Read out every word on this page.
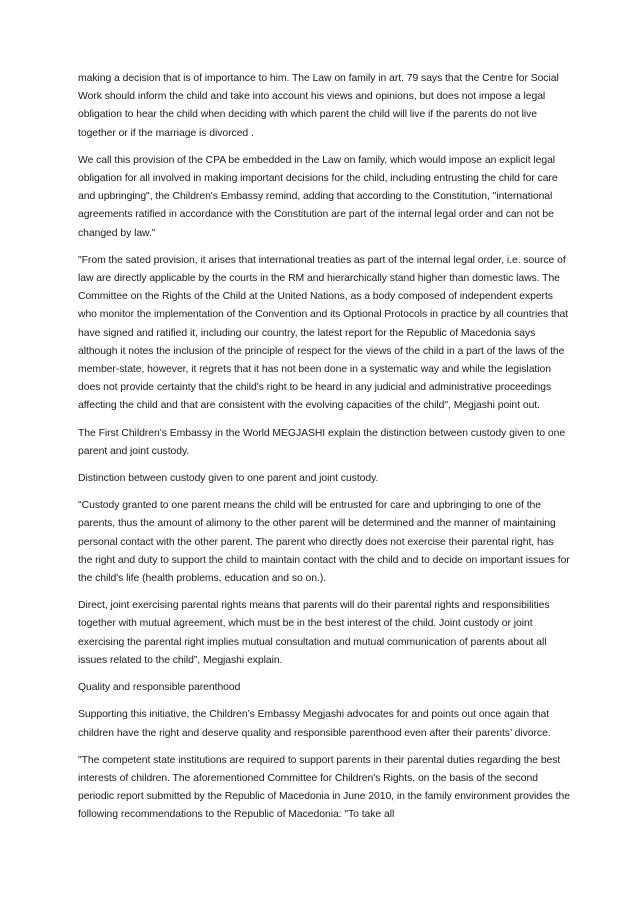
making a decision that is of importance to him. The Law on family in art. 79 says that the Centre for Social Work should inform the child and take into account his views and opinions, but does not impose a legal obligation to hear the child when deciding with which parent the child will live if the parents do not live together or if the marriage is divorced .

We call this provision of the CPA be embedded in the Law on family, which would impose an explicit legal obligation for all involved in making important decisions for the child, including entrusting the child for care and upbringing", the Children's Embassy remind, adding that according to the Constitution, "international agreements ratified in accordance with the Constitution are part of the internal legal order and can not be changed by law.”

"From the sated provision, it arises that international treaties as part of the internal legal order, i.e. source of law are directly applicable by the courts in the RM and hierarchically stand higher than domestic laws. The Committee on the Rights of the Child at the United Nations, as a body composed of independent experts who monitor the implementation of the Convention and its Optional Protocols in practice by all countries that have signed and ratified it, including our country, the latest report for the Republic of Macedonia says although it notes the inclusion of the principle of respect for the views of the child in a part of the laws of the member-state, however, it regrets that it has not been done in a systematic way and while the legislation does not provide certainty that the child's right to be heard in any judicial and administrative proceedings affecting the child and that are consistent with the evolving capacities of the child", Megjashi point out.

The First Children’s Embassy in the World MEGJASHI explain the distinction between custody given to one parent and joint custody.

Distinction between custody given to one parent and joint custody.

"Custody granted to one parent means the child will be entrusted for care and upbringing to one of the parents, thus the amount of alimony to the other parent will be determined and the manner of maintaining personal contact with the other parent. The parent who directly does not exercise their parental right, has the right and duty to support the child to maintain contact with the child and to decide on important issues for the child's life (health problems, education and so on.).

Direct, joint exercising parental rights means that parents will do their parental rights and responsibilities together with mutual agreement, which must be in the best interest of the child. Joint custody or joint exercising the parental right implies mutual consultation and mutual communication of parents about all issues related to the child”, Megjashi explain.

Quality and responsible parenthood

Supporting this initiative, the Children’s Embassy Megjashi advocates for and points out once again that children have the right and deserve quality and responsible parenthood even after their parents’ divorce.

"The competent state institutions are required to support parents in their parental duties regarding the best interests of children. The aforementioned Committee for Children's Rights, on the basis of the second periodic report submitted by the Republic of Macedonia in June 2010, in the family environment provides the following recommendations to the Republic of Macedonia: "To take all
